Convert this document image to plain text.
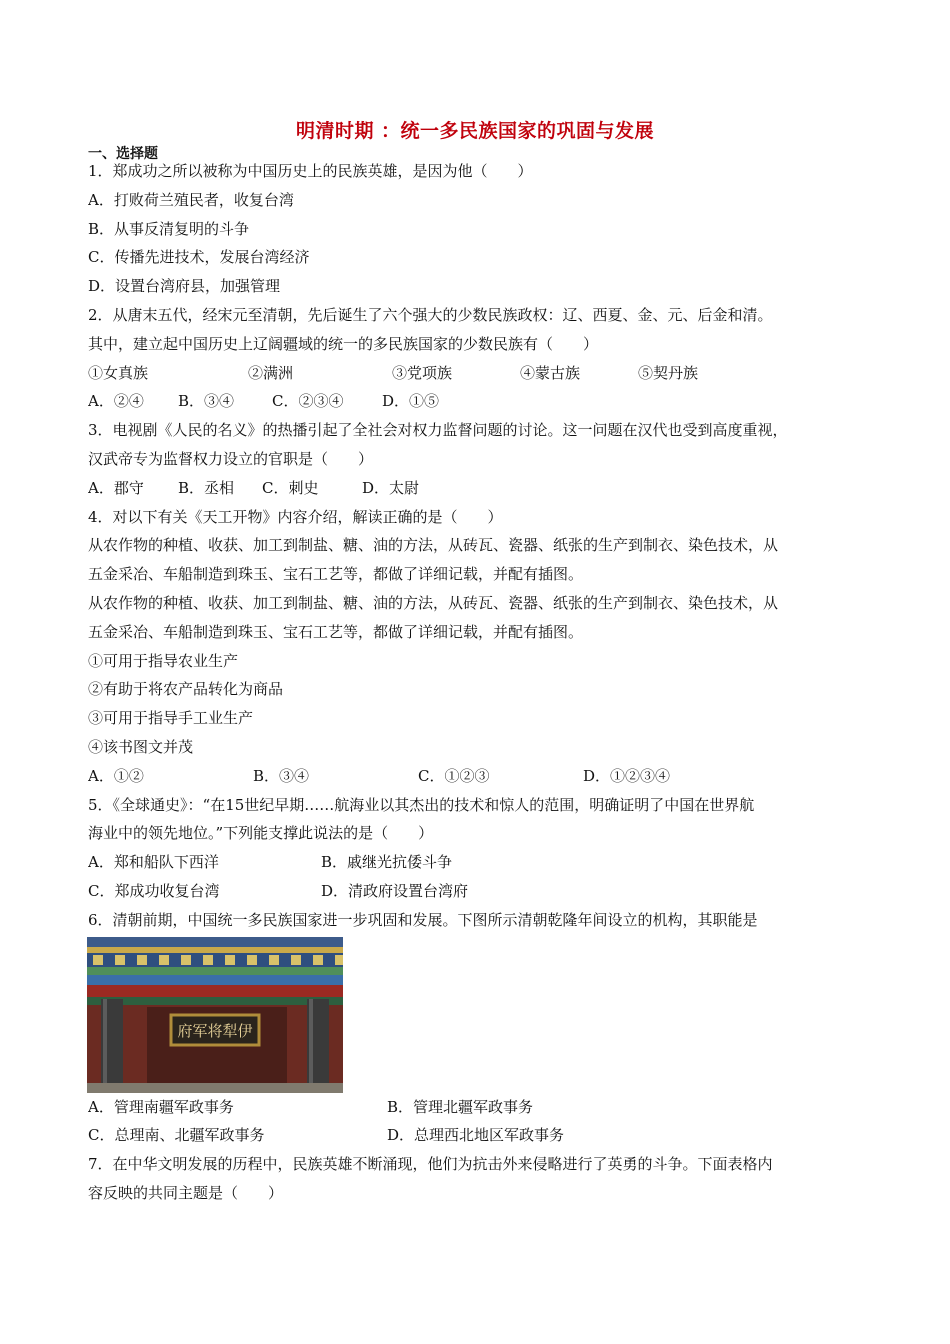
明清时期 ：统一多民族国家的巩固与发展
一、选择题
1．郑成功之所以被称为中国历史上的民族英雄，是因为他（　　）
A．打败荷兰殖民者，收复台湾
B．从事反清复明的斗争
C．传播先进技术，发展台湾经济
D．设置台湾府县，加强管理
2．从唐末五代，经宋元至清朝，先后诞生了六个强大的少数民族政权：辽、西夏、金、元、后金和清。
其中，建立起中国历史上辽阔疆域的统一的多民族国家的少数民族有（　　）
①女真族	②满洲	③党项族	④蒙古族	⑤契丹族
A．②④	B．③④	C．②③④	D．①⑤
3．电视剧《人民的名义》的热播引起了全社会对权力监督问题的讨论。这一问题在汉代也受到高度重视，
汉武帝专为监督权力设立的官职是（　　）
A．郡守	B．丞相	C．刺史	D．太尉
4．对以下有关《天工开物》内容介绍，解读正确的是（　　）
从农作物的种植、收获、加工到制盐、糖、油的方法，从砖瓦、瓷器、纸张的生产到制衣、染色技术，从
五金采冶、车船制造到珠玉、宝石工艺等，都做了详细记载，并配有插图。
从农作物的种植、收获、加工到制盐、糖、油的方法，从砖瓦、瓷器、纸张的生产到制衣、染色技术，从
五金采冶、车船制造到珠玉、宝石工艺等，都做了详细记载，并配有插图。
①可用于指导农业生产
②有助于将农产品转化为商品
③可用于指导手工业生产
④该书图文并茂
A．①②	B．③④	C．①②③	D．①②③④
5．《全球通史》：“在15世纪早期……航海业以其杰出的技术和惊人的范围，明确证明了中国在世界航
海业中的领先地位。”下列能支撑此说法的是（　　）
A．郑和船队下西洋	B．戚继光抗倭斗争
C．郑成功收复台湾	D．清政府设置台湾府
6．清朝前期，中国统一多民族国家进一步巩固和发展。下图所示清朝乾隆年间设立的机构，其职能是
府军将犁伊
A．管理南疆军政事务	B．管理北疆军政事务
C．总理南、北疆军政事务	D．总理西北地区军政事务
7．在中华文明发展的历程中，民族英雄不断涌现，他们为抗击外来侵略进行了英勇的斗争。下面表格内
容反映的共同主题是（　　）
